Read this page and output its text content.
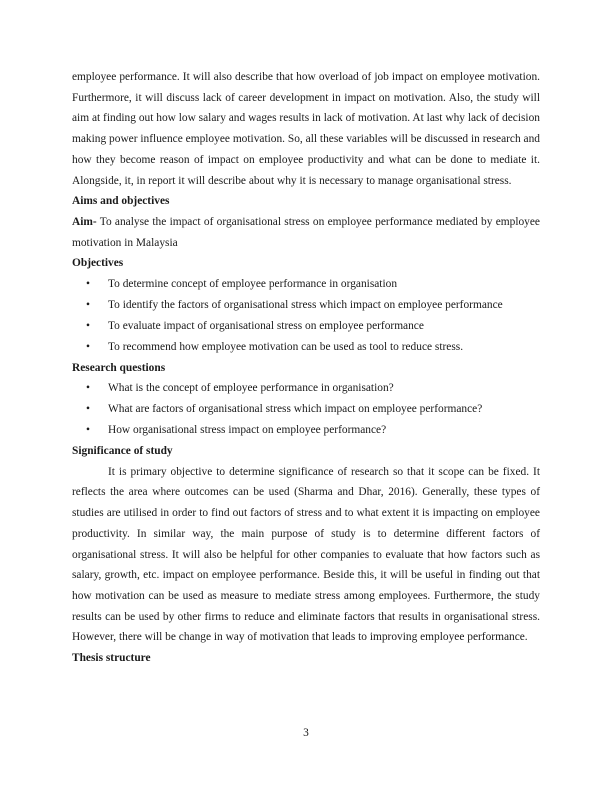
employee performance. It will also describe that how overload of job impact on employee motivation. Furthermore, it will discuss lack of career development in impact on motivation. Also, the study will aim at finding out how low salary and wages results in lack of motivation. At last why lack of decision making power influence employee motivation. So, all these variables will be discussed in research and how they become reason of impact on employee productivity and what can be done to mediate it. Alongside, it, in report it will describe about why it is necessary to manage organisational stress.

Aims and objectives

Aim- To analyse the impact of organisational stress on employee performance mediated by employee motivation in Malaysia

Objectives
• To determine concept of employee performance in organisation
• To identify the factors of organisational stress which impact on employee performance
• To evaluate impact of organisational stress on employee performance
• To recommend how employee motivation can be used as tool to reduce stress.
Research questions
• What is the concept of employee performance in organisation?
• What are factors of organisational stress which impact on employee performance?
• How organisational stress impact on employee performance?
Significance of study

It is primary objective to determine significance of research so that it scope can be fixed. It reflects the area where outcomes can be used (Sharma and Dhar, 2016). Generally, these types of studies are utilised in order to find out factors of stress and to what extent it is impacting on employee productivity. In similar way, the main purpose of study is to determine different factors of organisational stress. It will also be helpful for other companies to evaluate that how factors such as salary, growth, etc. impact on employee performance. Beside this, it will be useful in finding out that how motivation can be used as measure to mediate stress among employees. Furthermore, the study results can be used by other firms to reduce and eliminate factors that results in organisational stress. However, there will be change in way of motivation that leads to improving employee performance.

Thesis structure
3
